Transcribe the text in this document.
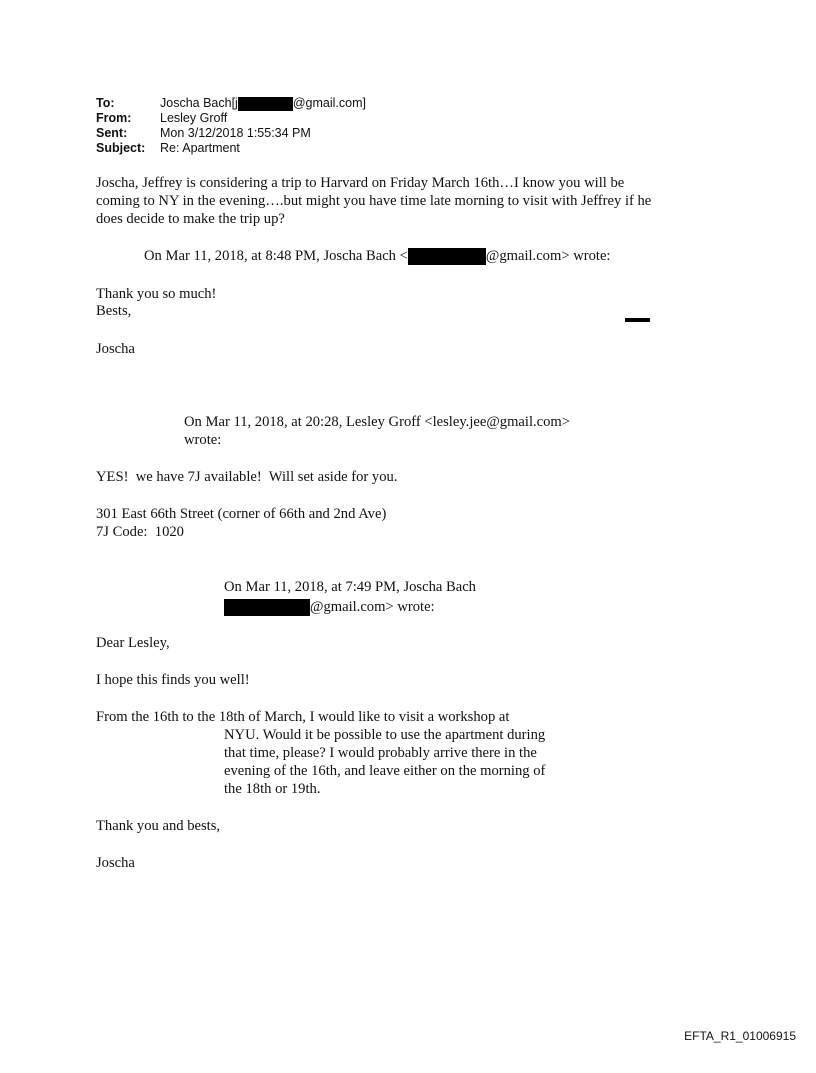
To:	Joscha Bach[j	@gmail.com]
From:	Lesley Groff
Sent:	Mon 3/12/2018 1:55:34 PM
Subject:	Re: Apartment
Joscha, Jeffrey is considering a trip to Harvard on Friday March 16th…I know you will be
coming to NY in the evening….but might you have time late morning to visit with Jeffrey if he
does decide to make the trip up?
On Mar 11, 2018, at 8:48 PM, Joscha Bach <	@gmail.com> wrote:
Thank you so much!
Bests,
Joscha
On Mar 11, 2018, at 20:28, Lesley Groff <lesley.jee@gmail.com>
wrote:
YES!  we have 7J available!  Will set aside for you.
301 East 66th Street (corner of 66th and 2nd Ave)
7J Code:  1020
On Mar 11, 2018, at 7:49 PM, Joscha Bach
@gmail.com> wrote:
Dear Lesley,
I hope this finds you well!
From the 16th to the 18th of March, I would like to visit a workshop at
NYU. Would it be possible to use the apartment during
that time, please? I would probably arrive there in the
evening of the 16th, and leave either on the morning of
the 18th or 19th.
Thank you and bests,
Joscha
EFTA_R1_01006915
